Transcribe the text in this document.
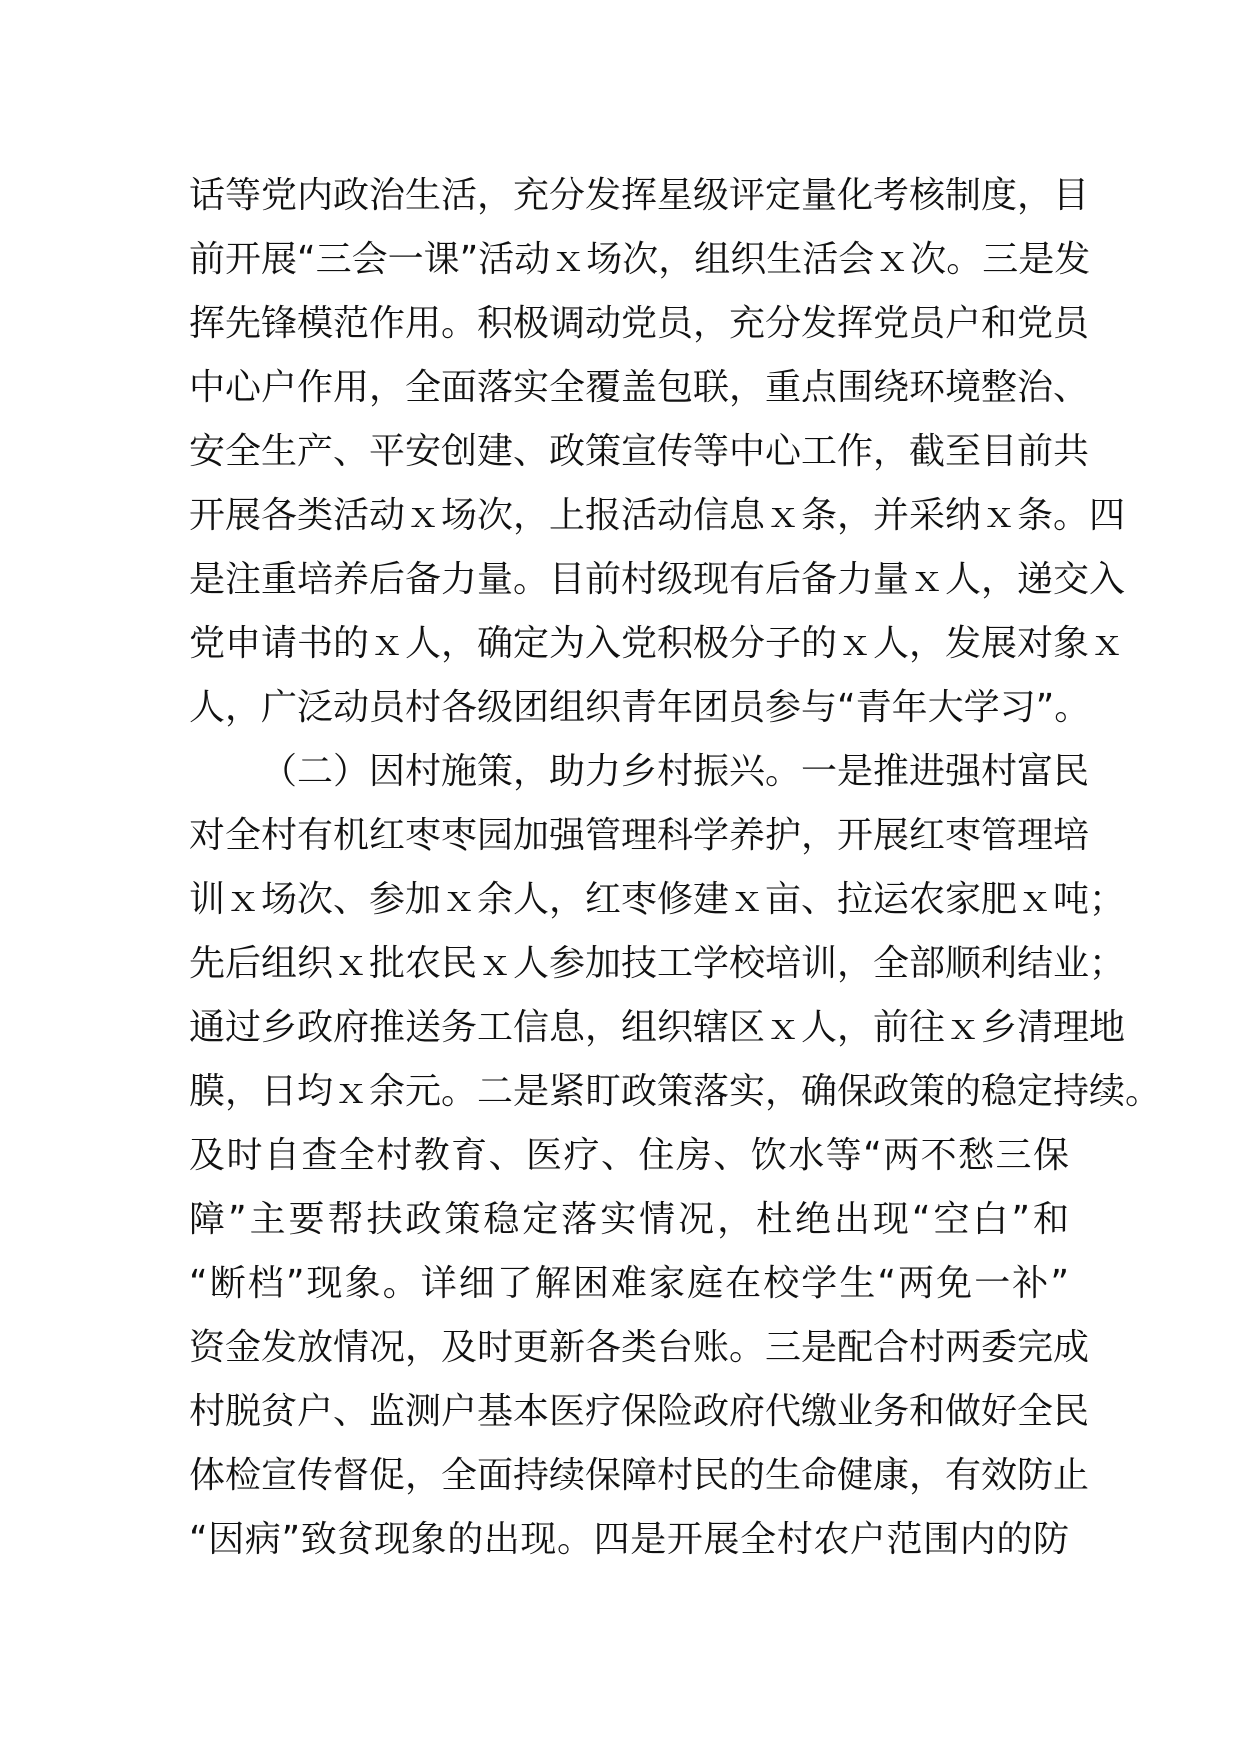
话等党内政治生活，充分发挥星级评定量化考核制度，目
前开展“三会一课”活动ｘ场次，组织生活会ｘ次。三是发
挥先锋模范作用。积极调动党员，充分发挥党员户和党员
中心户作用，全面落实全覆盖包联，重点围绕环境整治、
安全生产、平安创建、政策宣传等中心工作，截至目前共
开展各类活动ｘ场次，上报活动信息ｘ条，并采纳ｘ条。四
是注重培养后备力量。目前村级现有后备力量ｘ人，递交入
党申请书的ｘ人，确定为入党积极分子的ｘ人，发展对象ｘ
人，广泛动员村各级团组织青年团员参与“青年大学习”。
（二）因村施策，助力乡村振兴。一是推进强村富民
对全村有机红枣枣园加强管理科学养护，开展红枣管理培
训ｘ场次、参加ｘ余人，红枣修建ｘ亩、拉运农家肥ｘ吨；
先后组织ｘ批农民ｘ人参加技工学校培训，全部顺利结业；
通过乡政府推送务工信息，组织辖区ｘ人，前往ｘ乡清理地
膜，日均ｘ余元。二是紧盯政策落实，确保政策的稳定持续。
及时自查全村教育、医疗、住房、饮水等“两不愁三保
障”主要帮扶政策稳定落实情况，杜绝出现“空白”和
“断档”现象。详细了解困难家庭在校学生“两免一补”
资金发放情况，及时更新各类台账。三是配合村两委完成
村脱贫户、监测户基本医疗保险政府代缴业务和做好全民
体检宣传督促，全面持续保障村民的生命健康，有效防止
“因病”致贫现象的出现。四是开展全村农户范围内的防
